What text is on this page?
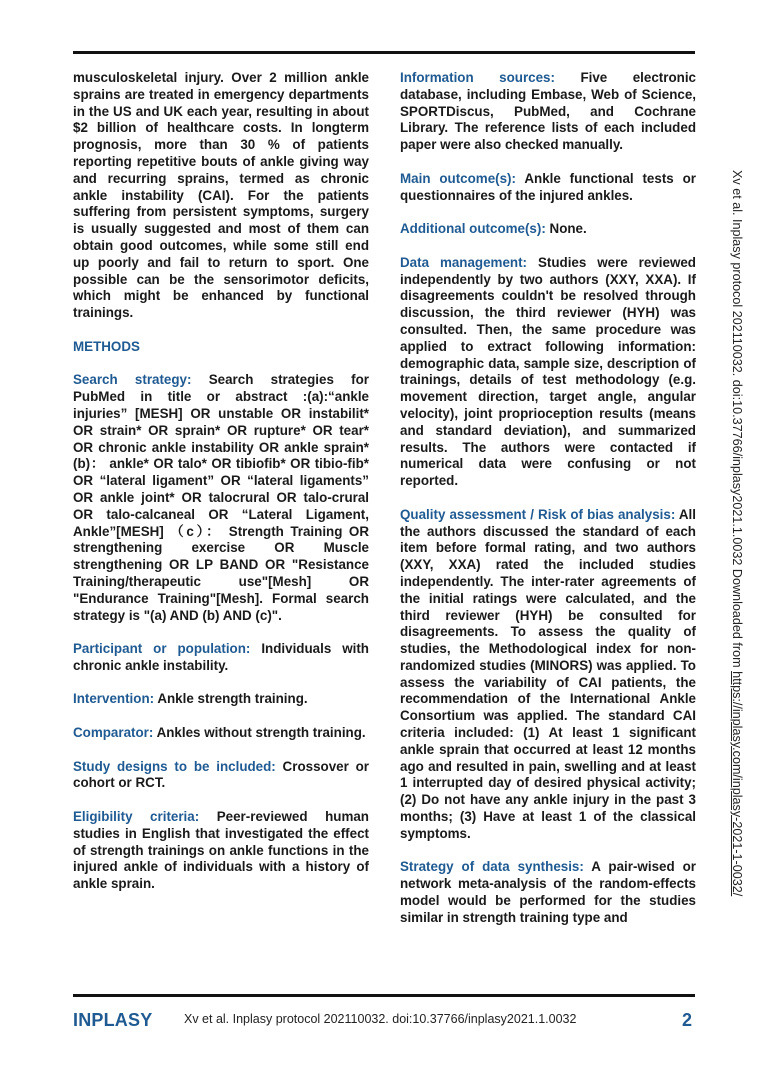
musculoskeletal injury. Over 2 million ankle sprains are treated in emergency departments in the US and UK each year, resulting in about $2 billion of healthcare costs. In longterm prognosis, more than 30 % of patients reporting repetitive bouts of ankle giving way and recurring sprains, termed as chronic ankle instability (CAI). For the patients suffering from persistent symptoms, surgery is usually suggested and most of them can obtain good outcomes, while some still end up poorly and fail to return to sport. One possible can be the sensorimotor deficits, which might be enhanced by functional trainings.

METHODS

Search strategy: Search strategies for PubMed in title or abstract :(a):“ankle injuries” [MESH] OR unstable OR instabilit* OR strain* OR sprain* OR rupture* OR tear* OR chronic ankle instability OR ankle sprain* (b)： ankle* OR talo* OR tibiofib* OR tibio-fib* OR “lateral ligament” OR “lateral ligaments” OR ankle joint* OR talocrural OR talo-crural OR talo-calcaneal OR “Lateral Ligament, Ankle”[MESH] （c）： Strength Training OR strengthening exercise OR Muscle strengthening OR LP BAND OR "Resistance Training/therapeutic use"[Mesh] OR "Endurance Training"[Mesh]. Formal search strategy is "(a) AND (b) AND (c)".

Participant or population: Individuals with chronic ankle instability.

Intervention: Ankle strength training.

Comparator: Ankles without strength training.

Study designs to be included: Crossover or cohort or RCT.

Eligibility criteria: Peer-reviewed human studies in English that investigated the effect of strength trainings on ankle functions in the injured ankle of individuals with a history of ankle sprain.

Information sources: Five electronic database, including Embase, Web of Science, SPORTDiscus, PubMed, and Cochrane Library. The reference lists of each included paper were also checked manually.

Main outcome(s): Ankle functional tests or questionnaires of the injured ankles.

Additional outcome(s): None.

Data management: Studies were reviewed independently by two authors (XXY, XXA). If disagreements couldn't be resolved through discussion, the third reviewer (HYH) was consulted. Then, the same procedure was applied to extract following information: demographic data, sample size, description of trainings, details of test methodology (e.g. movement direction, target angle, angular velocity), joint proprioception results (means and standard deviation), and summarized results. The authors were contacted if numerical data were confusing or not reported.

Quality assessment / Risk of bias analysis: All the authors discussed the standard of each item before formal rating, and two authors (XXY, XXA) rated the included studies independently. The inter-rater agreements of the initial ratings were calculated, and the third reviewer (HYH) be consulted for disagreements. To assess the quality of studies, the Methodological index for non-randomized studies (MINORS) was applied. To assess the variability of CAI patients, the recommendation of the International Ankle Consortium was applied. The standard CAI criteria included: (1) At least 1 significant ankle sprain that occurred at least 12 months ago and resulted in pain, swelling and at least 1 interrupted day of desired physical activity; (2) Do not have any ankle injury in the past 3 months; (3) Have at least 1 of the classical symptoms.

Strategy of data synthesis: A pair-wised or network meta-analysis of the random-effects model would be performed for the studies similar in strength training type and

Xv et al. Inplasy protocol 202110032. doi:10.37766/inplasy2021.1.0032 Downloaded from https://inplasy.com/inplasy-2021-1-0032/
INPLASY	Xv et al. Inplasy protocol 202110032. doi:10.37766/inplasy2021.1.0032	2
